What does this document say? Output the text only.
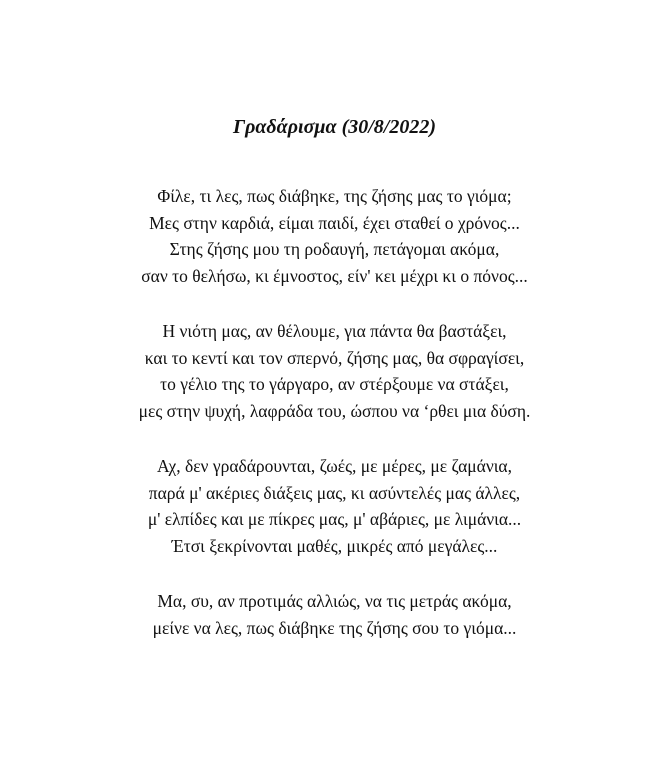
Γραδάρισμα (30/8/2022)
Φίλε, τι λες, πως διάβηκε, της ζήσης μας το γιόμα;
Μες στην καρδιά, είμαι παιδί, έχει σταθεί ο χρόνος...
Στης ζήσης μου τη ροδαυγή, πετάγομαι ακόμα,
σαν το θελήσω, κι έμνοστος, είν' κει μέχρι κι ο πόνος...
Η νιότη μας, αν θέλουμε, για πάντα θα βαστάξει,
και το κεντί και τον σπερνό, ζήσης μας, θα σφραγίσει,
το γέλιο της το γάργαρο, αν στέρξουμε να στάξει,
μες στην ψυχή, λαφράδα του, ώσπου να ‘ρθει μια δύση.
Αχ, δεν γραδάρουνται, ζωές, με μέρες, με ζαμάνια,
παρά μ' ακέριες διάξεις μας, κι ασύντελές μας άλλες,
μ' ελπίδες και με πίκρες μας, μ' αβάριες, με λιμάνια...
Έτσι ξεκρίνονται μαθές, μικρές από μεγάλες...
Μα, συ, αν προτιμάς αλλιώς, να τις μετράς ακόμα,
μείνε να λες, πως διάβηκε της ζήσης σου το γιόμα...
